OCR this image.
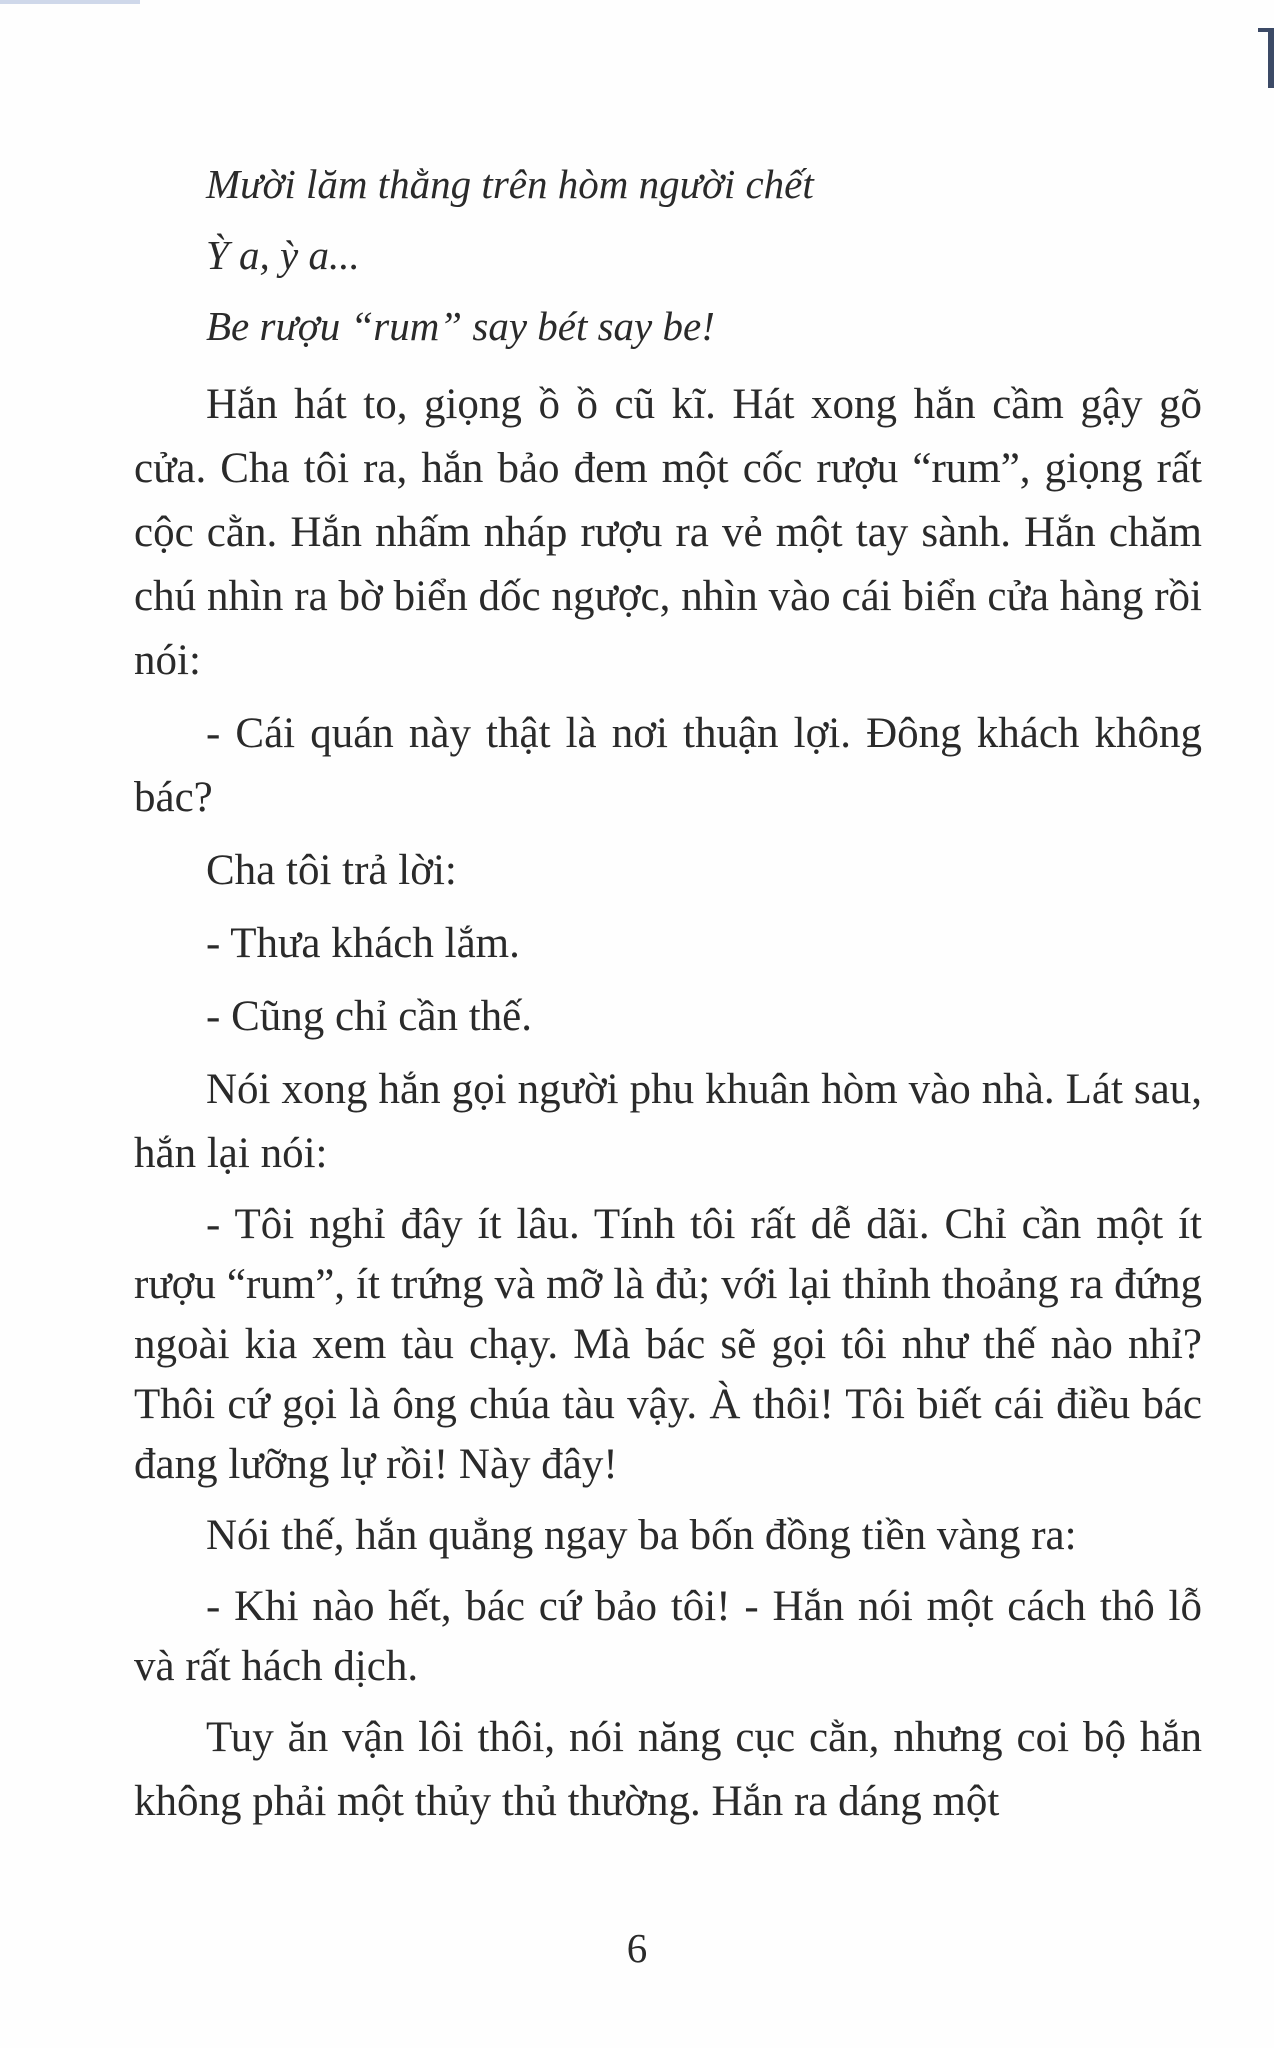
Mười lăm thằng trên hòm người chết

Ỳ a, ỳ a...

Be rượu “rum” say bét say be!

Hắn hát to, giọng ồ ồ cũ kĩ. Hát xong hắn cầm gậy gõ cửa. Cha tôi ra, hắn bảo đem một cốc rượu “rum”, giọng rất cộc cằn. Hắn nhấm nháp rượu ra vẻ một tay sành. Hắn chăm chú nhìn ra bờ biển dốc ngược, nhìn vào cái biển cửa hàng rồi nói:

- Cái quán này thật là nơi thuận lợi. Đông khách không bác?

Cha tôi trả lời:

- Thưa khách lắm.

- Cũng chỉ cần thế.

Nói xong hắn gọi người phu khuân hòm vào nhà. Lát sau, hắn lại nói:

- Tôi nghỉ đây ít lâu. Tính tôi rất dễ dãi. Chỉ cần một ít rượu “rum”, ít trứng và mỡ là đủ; với lại thỉnh thoảng ra đứng ngoài kia xem tàu chạy. Mà bác sẽ gọi tôi như thế nào nhỉ? Thôi cứ gọi là ông chúa tàu vậy. À thôi! Tôi biết cái điều bác đang lưỡng lự rồi! Này đây!

Nói thế, hắn quẳng ngay ba bốn đồng tiền vàng ra:

- Khi nào hết, bác cứ bảo tôi! - Hắn nói một cách thô lỗ và rất hách dịch.

Tuy ăn vận lôi thôi, nói năng cục cằn, nhưng coi bộ hắn không phải một thủy thủ thường. Hắn ra dáng một

6
